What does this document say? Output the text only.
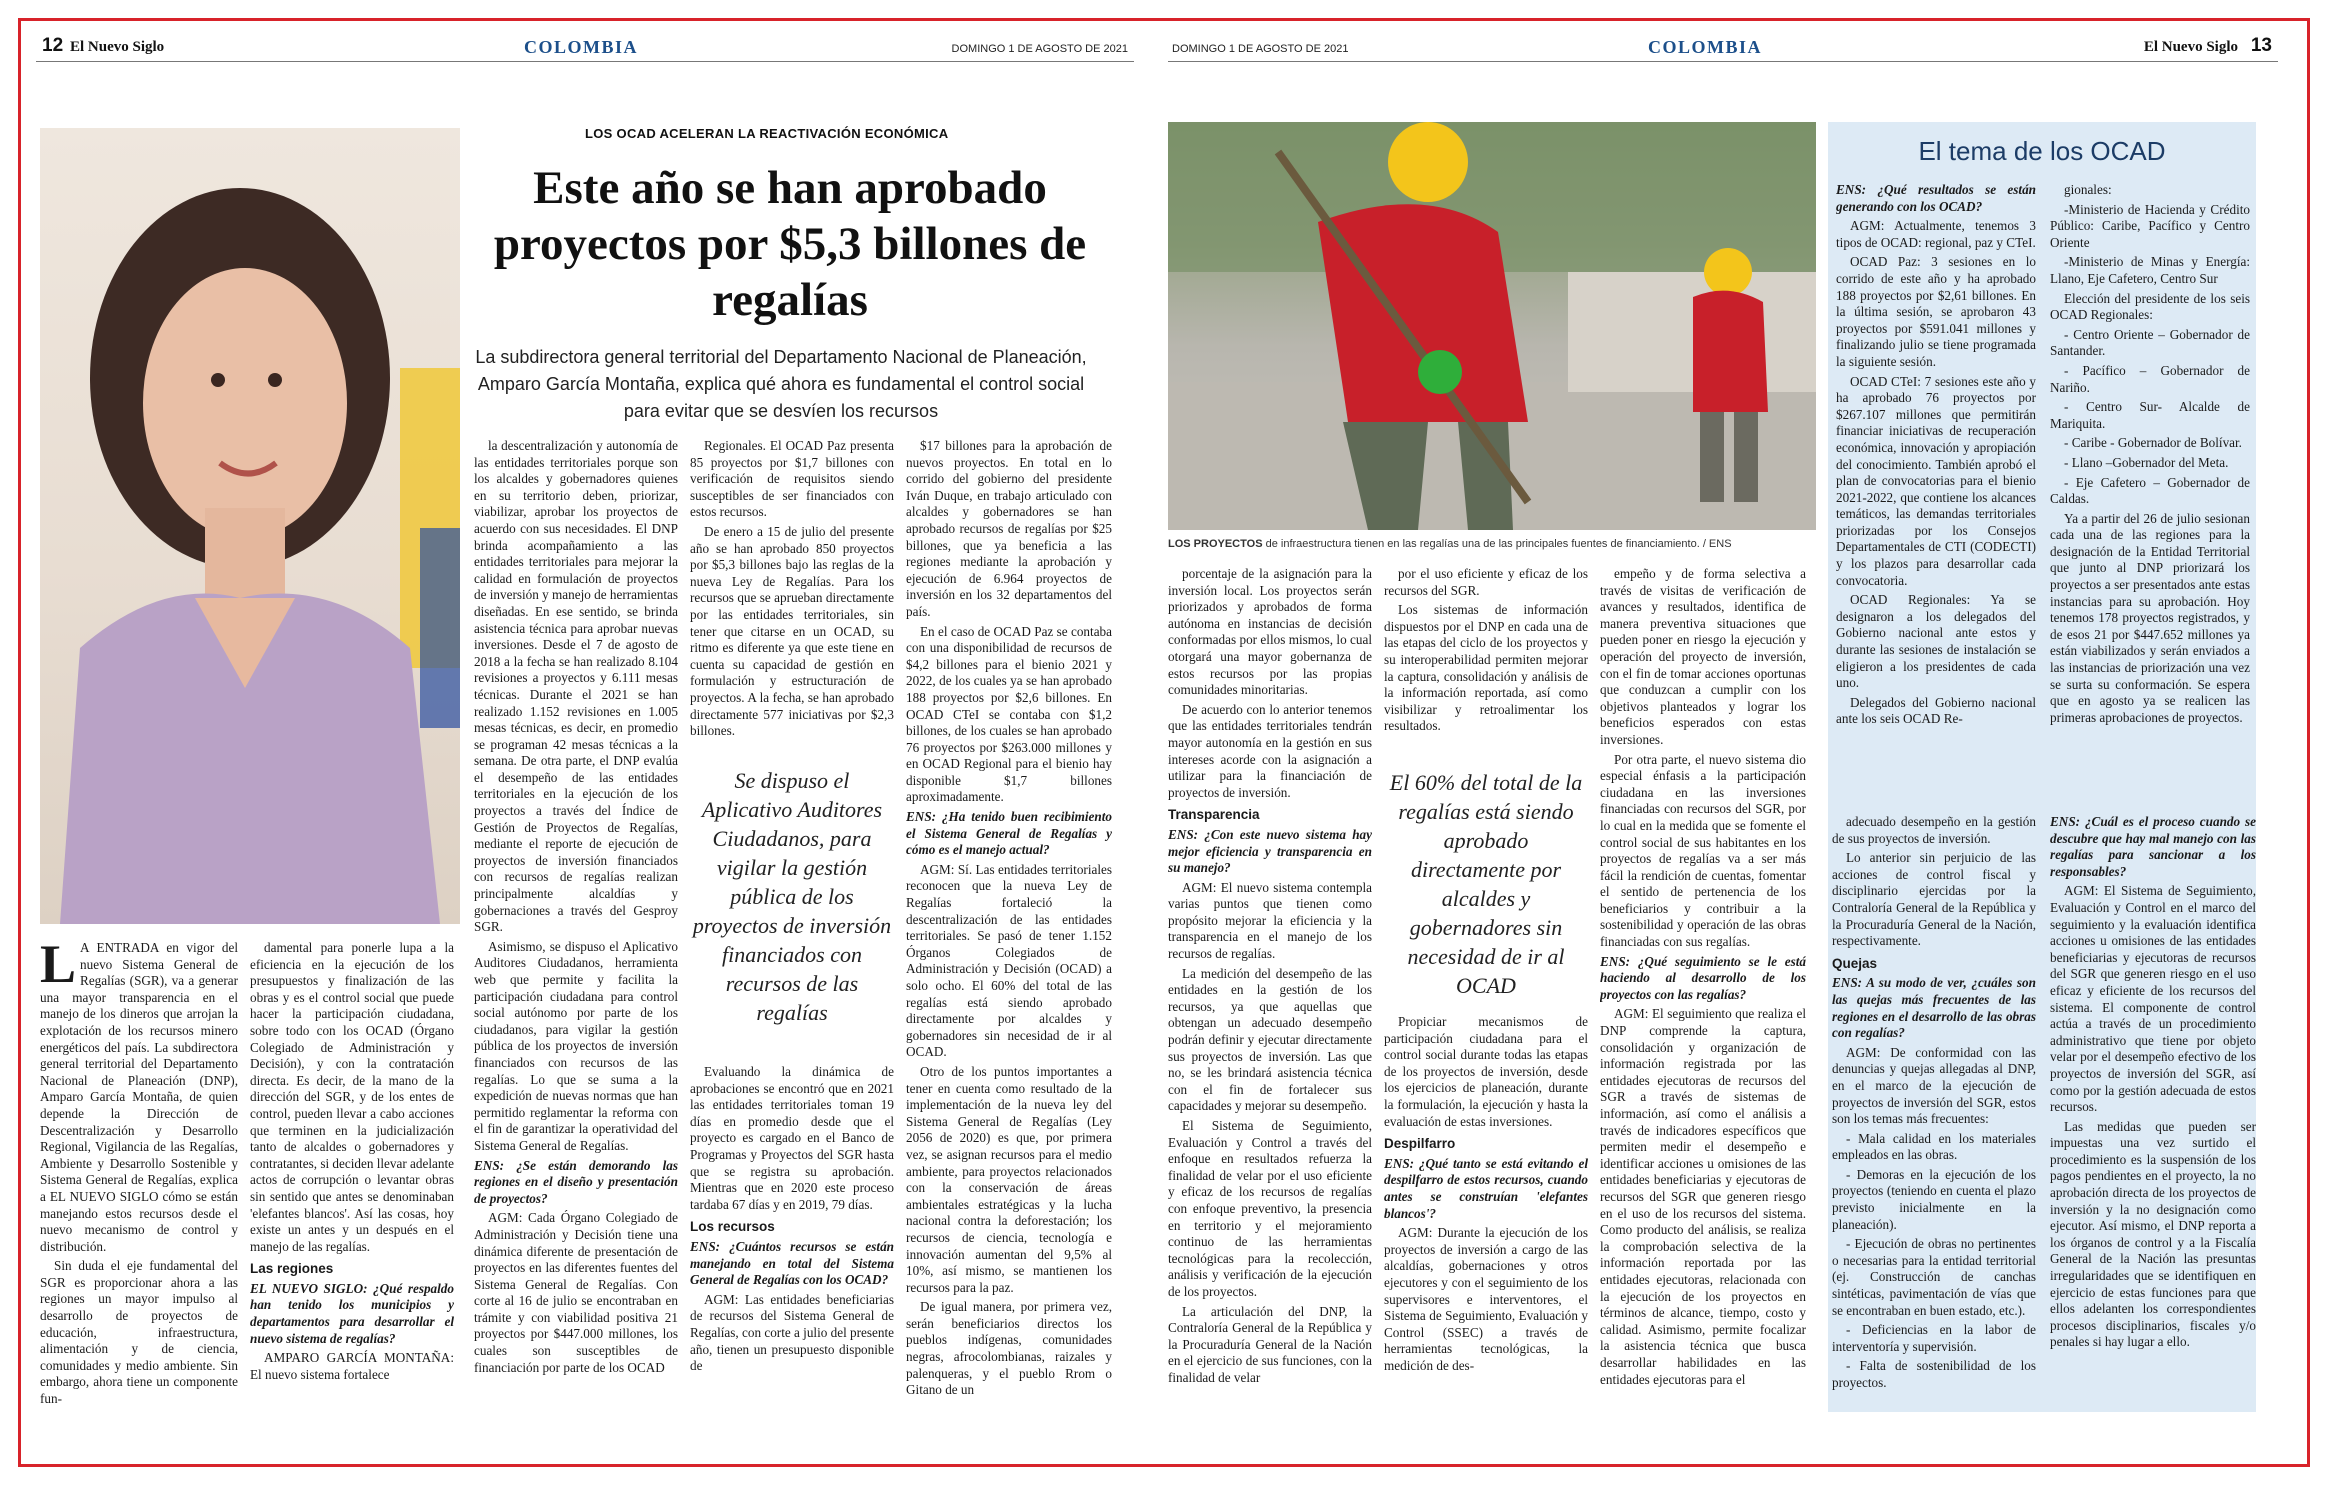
12 El Nuevo Siglo	COLOMBIA	DOMINGO 1 DE AGOSTO DE 2021	DOMINGO 1 DE AGOSTO DE 2021	COLOMBIA	El Nuevo Siglo 13
LOS OCAD ACELERAN LA REACTIVACIÓN ECONÓMICA
Este año se han aprobado proyectos por $5,3 billones de regalías
La subdirectora general territorial del Departamento Nacional de Planeación, Amparo García Montaña, explica qué ahora es fundamental el control social para evitar que se desvíen los recursos

L A ENTRADA en vigor del nuevo Sistema General de Regalías (SGR), va a generar una mayor transparencia en el manejo de los dineros que arrojan la explotación de los recursos minero energéticos del país. La subdirectora general territorial del Departamento Nacional de Planeación (DNP), Amparo García Montaña, de quien depende la Dirección de Descentralización y Desarrollo Regional, Vigilancia de las Regalías, Ambiente y Desarrollo Sostenible y Sistema General de Regalías, explica a EL NUEVO SIGLO cómo se están manejando estos recursos desde el nuevo mecanismo de control y distribución.

Sin duda el eje fundamental del SGR es proporcionar ahora a las regiones un mayor impulso al desarrollo de proyectos de educación, infraestructura, alimentación y de ciencia, comunidades y medio ambiente. Sin embargo, ahora tiene un componente fun-

damental para ponerle lupa a la eficiencia en la ejecución de los presupuestos y finalización de las obras y es el control social que puede hacer la participación ciudadana, sobre todo con los OCAD (Órgano Colegiado de Administración y Decisión), y con la contratación directa. Es decir, de la mano de la dirección del SGR, y de los entes de control, pueden llevar a cabo acciones que terminen en la judicialización tanto de alcaldes o gobernadores y contratantes, si deciden llevar adelante actos de corrupción o levantar obras sin sentido que antes se denominaban 'elefantes blancos'. Así las cosas, hoy existe un antes y un después en el manejo de las regalías.

Las regiones

EL NUEVO SIGLO: ¿Qué respaldo han tenido los municipios y departamentos para desarrollar el nuevo sistema de regalías?

AMPARO GARCÍA MONTAÑA: El nuevo sistema fortalece

la descentralización y autonomía de las entidades territoriales porque son los alcaldes y gobernadores quienes en su territorio deben, priorizar, viabilizar, aprobar los proyectos de acuerdo con sus necesidades. El DNP brinda acompañamiento a las entidades territoriales para mejorar la calidad en formulación de proyectos de inversión y manejo de herramientas diseñadas. En ese sentido, se brinda asistencia técnica para aprobar nuevas inversiones. Desde el 7 de agosto de 2018 a la fecha se han realizado 8.104 revisiones a proyectos y 6.111 mesas técnicas. Durante el 2021 se han realizado 1.152 revisiones en 1.005 mesas técnicas, es decir, en promedio se programan 42 mesas técnicas a la semana. De otra parte, el DNP evalúa el desempeño de las entidades territoriales en la ejecución de los proyectos a través del Índice de Gestión de Proyectos de Regalías, mediante el reporte de ejecución de proyectos de inversión financiados con recursos de regalías realizan principalmente alcaldías y gobernaciones a través del Gesproy SGR.

Asimismo, se dispuso el Aplicativo Auditores Ciudadanos, herramienta web que permite y facilita la participación ciudadana para control social autónomo por parte de los ciudadanos, para vigilar la gestión pública de los proyectos de inversión financiados con recursos de las regalías. Lo que se suma a la expedición de nuevas normas que han permitido reglamentar la reforma con el fin de garantizar la operatividad del Sistema General de Regalías.

ENS: ¿Se están demorando las regiones en el diseño y presentación de proyectos?

AGM: Cada Órgano Colegiado de Administración y Decisión tiene una dinámica diferente de presentación de proyectos en las diferentes fuentes del Sistema General de Regalías. Con corte al 16 de julio se encontraban en trámite y con viabilidad positiva 21 proyectos por $447.000 millones, los cuales son susceptibles de financiación por parte de los OCAD

Regionales. El OCAD Paz presenta 85 proyectos por $1,7 billones con verificación de requisitos siendo susceptibles de ser financiados con estos recursos.

De enero a 15 de julio del presente año se han aprobado 850 proyectos por $5,3 billones bajo las reglas de la nueva Ley de Regalías. Para los recursos que se aprueban directamente por las entidades territoriales, sin tener que citarse en un OCAD, su ritmo es diferente ya que este tiene en cuenta su capacidad de gestión en formulación y estructuración de proyectos. A la fecha, se han aprobado directamente 577 iniciativas por $2,3 billones.

Se dispuso el Aplicativo Auditores Ciudadanos, para vigilar la gestión pública de los proyectos de inversión financiados con recursos de las regalías

Evaluando la dinámica de aprobaciones se encontró que en 2021 las entidades territoriales toman 19 días en promedio desde que el proyecto es cargado en el Banco de Programas y Proyectos del SGR hasta que se registra su aprobación. Mientras que en 2020 este proceso tardaba 67 días y en 2019, 79 días.

Los recursos

ENS: ¿Cuántos recursos se están manejando en total del Sistema General de Regalías con los OCAD?

AGM: Las entidades beneficiarias de recursos del Sistema General de Regalías, con corte a julio del presente año, tienen un presupuesto disponible de

$17 billones para la aprobación de nuevos proyectos. En total en lo corrido del gobierno del presidente Iván Duque, en trabajo articulado con alcaldes y gobernadores se han aprobado recursos de regalías por $25 billones, que ya beneficia a las regiones mediante la aprobación y ejecución de 6.964 proyectos de inversión en los 32 departamentos del país.

En el caso de OCAD Paz se contaba con una disponibilidad de recursos de $4,2 billones para el bienio 2021 y 2022, de los cuales ya se han aprobado 188 proyectos por $2,6 billones. En OCAD CTeI se contaba con $1,2 billones, de los cuales se han aprobado 76 proyectos por $263.000 millones y en OCAD Regional para el bienio hay disponible $1,7 billones aproximadamente.

ENS: ¿Ha tenido buen recibimiento el Sistema General de Regalías y cómo es el manejo actual?

AGM: Sí. Las entidades territoriales reconocen que la nueva Ley de Regalías fortaleció la descentralización de las entidades territoriales. Se pasó de tener 1.152 Órganos Colegiados de Administración y Decisión (OCAD) a solo ocho. El 60% del total de las regalías está siendo aprobado directamente por alcaldes y gobernadores sin necesidad de ir al OCAD.

Otro de los puntos importantes a tener en cuenta como resultado de la implementación de la nueva ley del Sistema General de Regalías (Ley 2056 de 2020) es que, por primera vez, se asignan recursos para el medio ambiente, para proyectos relacionados con la conservación de áreas ambientales estratégicas y la lucha nacional contra la deforestación; los recursos de ciencia, tecnología e innovación aumentan del 9,5% al 10%, así mismo, se mantienen los recursos para la paz.

De igual manera, por primera vez, serán beneficiarios directos los pueblos indígenas, comunidades negras, afrocolombianas, raizales y palenqueras, y el pueblo Rrom o Gitano de un

LOS PROYECTOS de infraestructura tienen en las regalías una de las principales fuentes de financiamiento. / ENS

porcentaje de la asignación para la inversión local. Los proyectos serán priorizados y aprobados de forma autónoma en instancias de decisión conformadas por ellos mismos, lo cual otorgará una mayor gobernanza de estos recursos por las propias comunidades minoritarias.

De acuerdo con lo anterior tenemos que las entidades territoriales tendrán mayor autonomía en la gestión en sus intereses acorde con la asignación a utilizar para la financiación de proyectos de inversión.

Transparencia

ENS: ¿Con este nuevo sistema hay mejor eficiencia y transparencia en su manejo?

AGM: El nuevo sistema contempla varias puntos que tienen como propósito mejorar la eficiencia y la transparencia en el manejo de los recursos de regalías.

La medición del desempeño de las entidades en la gestión de los recursos, ya que aquellas que obtengan un adecuado desempeño podrán definir y ejecutar directamente sus proyectos de inversión. Las que no, se les brindará asistencia técnica con el fin de fortalecer sus capacidades y mejorar su desempeño.

El Sistema de Seguimiento, Evaluación y Control a través del enfoque en resultados refuerza la finalidad de velar por el uso eficiente y eficaz de los recursos de regalías con enfoque preventivo, la presencia en territorio y el mejoramiento continuo de las herramientas tecnológicas para la recolección, análisis y verificación de la ejecución de los proyectos.

La articulación del DNP, la Contraloría General de la República y la Procuraduría General de la Nación en el ejercicio de sus funciones, con la finalidad de velar

por el uso eficiente y eficaz de los recursos del SGR.

Los sistemas de información dispuestos por el DNP en cada una de las etapas del ciclo de los proyectos y su interoperabilidad permiten mejorar la captura, consolidación y análisis de la información reportada, así como visibilizar y retroalimentar los resultados.

El 60% del total de la regalías está siendo aprobado directamente por alcaldes y gobernadores sin necesidad de ir al OCAD

Propiciar mecanismos de participación ciudadana para el control social durante todas las etapas de los proyectos de inversión, desde los ejercicios de planeación, durante la formulación, la ejecución y hasta la evaluación de estas inversiones.

Despilfarro

ENS: ¿Qué tanto se está evitando el despilfarro de estos recursos, cuando antes se construían 'elefantes blancos'?

AGM: Durante la ejecución de los proyectos de inversión a cargo de las alcaldías, gobernaciones y otros ejecutores y con el seguimiento de los supervisores e interventores, el Sistema de Seguimiento, Evaluación y Control (SSEC) a través de herramientas tecnológicas, la medición de des-

empeño y de forma selectiva a través de visitas de verificación de avances y resultados, identifica de manera preventiva situaciones que pueden poner en riesgo la ejecución y operación del proyecto de inversión, con el fin de tomar acciones oportunas que conduzcan a cumplir con los objetivos planteados y lograr los beneficios esperados con estas inversiones.

Por otra parte, el nuevo sistema dio especial énfasis a la participación ciudadana en las inversiones financiadas con recursos del SGR, por lo cual en la medida que se fomente el control social de sus habitantes en los proyectos de regalías va a ser más fácil la rendición de cuentas, fomentar el sentido de pertenencia de los beneficiarios y contribuir a la sostenibilidad y operación de las obras financiadas con sus regalías.

ENS: ¿Qué seguimiento se le está haciendo al desarrollo de los proyectos con las regalías?

AGM: El seguimiento que realiza el DNP comprende la captura, consolidación y organización de información registrada por las entidades ejecutoras de recursos del SGR a través de sistemas de información, así como el análisis a través de indicadores específicos que permiten medir el desempeño e identificar acciones u omisiones de las entidades beneficiarias y ejecutoras de recursos del SGR que generen riesgo en el uso de los recursos del sistema. Como producto del análisis, se realiza la comprobación selectiva de la información reportada por las entidades ejecutoras, relacionada con la ejecución de los proyectos en términos de alcance, tiempo, costo y calidad. Asimismo, permite focalizar la asistencia técnica que busca desarrollar habilidades en las entidades ejecutoras para el

El tema de los OCAD

ENS: ¿Qué resultados se están generando con los OCAD?

AGM: Actualmente, tenemos 3 tipos de OCAD: regional, paz y CTeI.

OCAD Paz: 3 sesiones en lo corrido de este año y ha aprobado 188 proyectos por $2,61 billones. En la última sesión, se aprobaron 43 proyectos por $591.041 millones y finalizando julio se tiene programada la siguiente sesión.

OCAD CTeI: 7 sesiones este año y ha aprobado 76 proyectos por $267.107 millones que permitirán financiar iniciativas de recuperación económica, innovación y apropiación del conocimiento. También aprobó el plan de convocatorias para el bienio 2021-2022, que contiene los alcances temáticos, las demandas territoriales priorizadas por los Consejos Departamentales de CTI (CODECTI) y los plazos para desarrollar cada convocatoria.

OCAD Regionales: Ya se designaron a los delegados del Gobierno nacional ante estos y durante las sesiones de instalación se eligieron a los presidentes de cada uno.

Delegados del Gobierno nacional ante los seis OCAD Re-

gionales:

-Ministerio de Hacienda y Crédito Público: Caribe, Pacífico y Centro Oriente

-Ministerio de Minas y Energía: Llano, Eje Cafetero, Centro Sur

Elección del presidente de los seis OCAD Regionales:

- Centro Oriente – Gobernador de Santander.

- Pacífico – Gobernador de Nariño.

- Centro Sur- Alcalde de Mariquita.

- Caribe - Gobernador de Bolívar.

- Llano –Gobernador del Meta.

- Eje Cafetero – Gobernador de Caldas.

Ya a partir del 26 de julio sesionan cada una de las regiones para la designación de la Entidad Territorial que junto al DNP priorizará los proyectos a ser presentados ante estas instancias para su aprobación. Hoy tenemos 178 proyectos registrados, y de esos 21 por $447.652 millones ya están viabilizados y serán enviados a las instancias de priorización una vez se surta su conformación. Se espera que en agosto ya se realicen las primeras aprobaciones de proyectos.

adecuado desempeño en la gestión de sus proyectos de inversión.

Lo anterior sin perjuicio de las acciones de control fiscal y disciplinario ejercidas por la Contraloría General de la República y la Procuraduría General de la Nación, respectivamente.

Quejas

ENS: A su modo de ver, ¿cuáles son las quejas más frecuentes de las regiones en el desarrollo de las obras con regalías?

AGM: De conformidad con las denuncias y quejas allegadas al DNP, en el marco de la ejecución de proyectos de inversión del SGR, estos son los temas más frecuentes:

- Mala calidad en los materiales empleados en las obras.

- Demoras en la ejecución de los proyectos (teniendo en cuenta el plazo previsto inicialmente en la planeación).

- Ejecución de obras no pertinentes o necesarias para la entidad territorial (ej. Construcción de canchas sintéticas, pavimentación de vías que se encontraban en buen estado, etc.).

- Deficiencias en la labor de interventoría y supervisión.

- Falta de sostenibilidad de los proyectos.

ENS: ¿Cuál es el proceso cuando se descubre que hay mal manejo con las regalías para sancionar a los responsables?

AGM: El Sistema de Seguimiento, Evaluación y Control en el marco del seguimiento y la evaluación identifica acciones u omisiones de las entidades beneficiarias y ejecutoras de recursos del SGR que generen riesgo en el uso eficaz y eficiente de los recursos del sistema. El componente de control actúa a través de un procedimiento administrativo que tiene por objeto velar por el desempeño efectivo de los proyectos de inversión del SGR, así como por la gestión adecuada de estos recursos.

Las medidas que pueden ser impuestas una vez surtido el procedimiento es la suspensión de los pagos pendientes en el proyecto, la no aprobación directa de los proyectos de inversión y la no designación como ejecutor. Así mismo, el DNP reporta a los órganos de control y a la Fiscalía General de la Nación las presuntas irregularidades que se identifiquen en ejercicio de estas funciones para que ellos adelanten los correspondientes procesos disciplinarios, fiscales y/o penales si hay lugar a ello.
